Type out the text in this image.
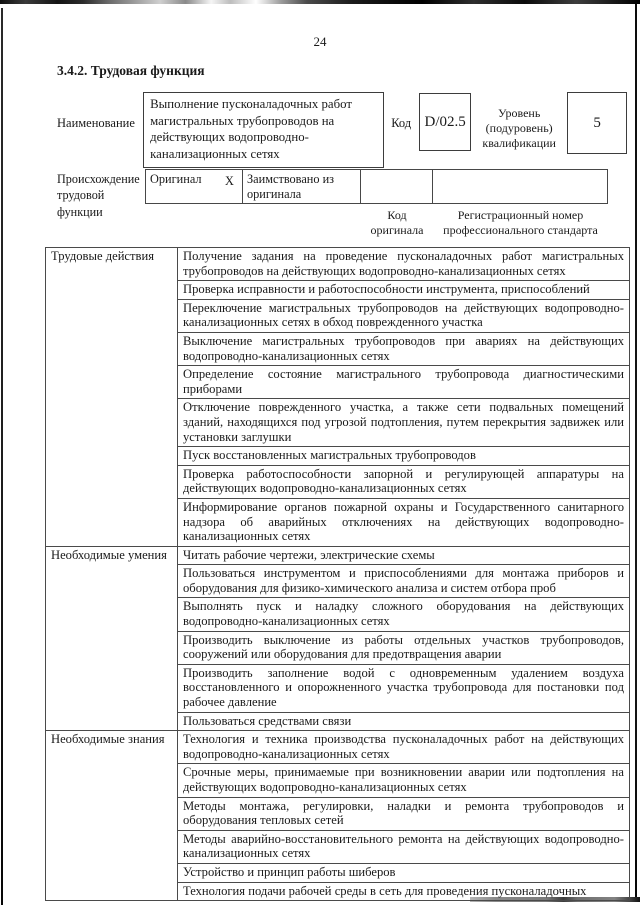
24
3.4.2. Трудовая функция
Наименование
Выполнение пусконаладочных работ магистральных трубопроводов на действующих водопроводно-канализационных сетях
Код D/02.5
Уровень (подуровень) квалификации
5
Происхождение трудовой функции
Оригинал	X	Заимствовано из оригинала
Код оригинала
Регистрационный номер профессионального стандарта
Трудовые действия	Получение задания на проведение пусконаладочных работ магистральных трубопроводов на действующих водопроводно-канализационных сетях
	Проверка исправности и работоспособности инструмента, приспособлений
	Переключение магистральных трубопроводов на действующих водопроводно-канализационных сетях в обход поврежденного участка
	Выключение магистральных трубопроводов при авариях на действующих водопроводно-канализационных сетях
	Определение состояние магистрального трубопровода диагностическими приборами
	Отключение поврежденного участка, а также сети подвальных помещений зданий, находящихся под угрозой подтопления, путем перекрытия задвижек или установки заглушки
	Пуск восстановленных магистральных трубопроводов
	Проверка работоспособности запорной и регулирующей аппаратуры на действующих водопроводно-канализационных сетях
	Информирование органов пожарной охраны и Государственного санитарного надзора об аварийных отключениях на действующих водопроводно-канализационных сетях
Необходимые умения	Читать рабочие чертежи, электрические схемы
	Пользоваться инструментом и приспособлениями для монтажа приборов и оборудования для физико-химического анализа и систем отбора проб
	Выполнять пуск и наладку сложного оборудования на действующих водопроводно-канализационных сетях
	Производить выключение из работы отдельных участков трубопроводов, сооружений или оборудования для предотвращения аварии
	Производить заполнение водой с одновременным удалением воздуха восстановленного и опорожненного участка трубопровода для постановки под рабочее давление
	Пользоваться средствами связи
Необходимые знания	Технология и техника производства пусконаладочных работ на действующих водопроводно-канализационных сетях
	Срочные меры, принимаемые при возникновении аварии или подтопления на действующих водопроводно-канализационных сетях
	Методы монтажа, регулировки, наладки и ремонта трубопроводов и оборудования тепловых сетей
	Методы аварийно-восстановительного ремонта на действующих водопроводно-канализационных сетях
	Устройство и принцип работы шиберов
	Технология подачи рабочей среды в сеть для проведения пусконаладочных
